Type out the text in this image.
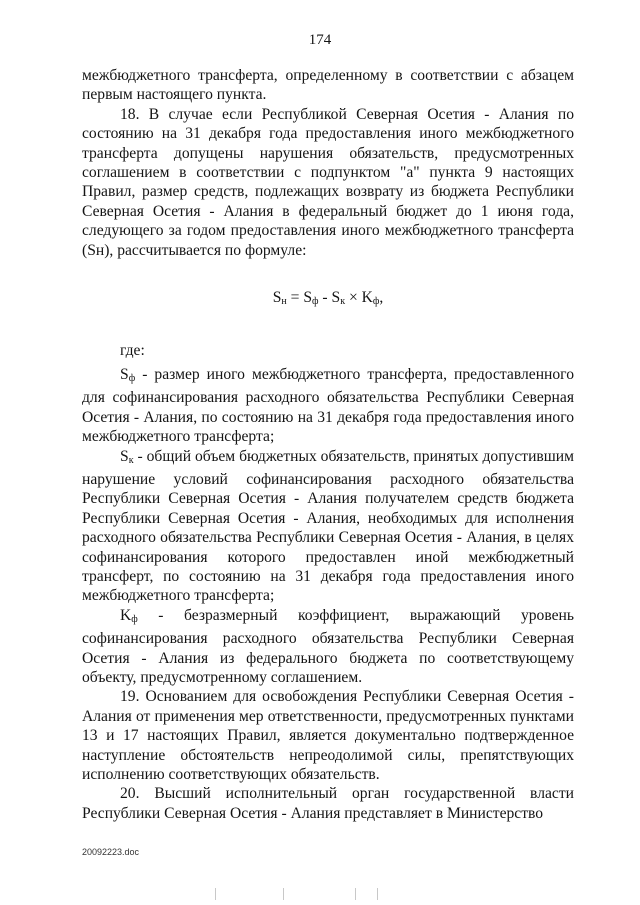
174

межбюджетного трансферта, определенному в соответствии с абзацем первым настоящего пункта.

18. В случае если Республикой Северная Осетия - Алания по состоянию на 31 декабря года предоставления иного межбюджетного трансферта допущены нарушения обязательств, предусмотренных соглашением в соответствии с подпунктом "а" пункта 9 настоящих Правил, размер средств, подлежащих возврату из бюджета Республики Северная Осетия - Алания в федеральный бюджет до 1 июня года, следующего за годом предоставления иного межбюджетного трансферта (Sн), рассчитывается по формуле:

$S_н = S_ф - S_к \times K_ф$,

где:

$S_ф$ - размер иного межбюджетного трансферта, предоставленного для софинансирования расходного обязательства Республики Северная Осетия - Алания, по состоянию на 31 декабря года предоставления иного межбюджетного трансферта;

$S_к$ - общий объем бюджетных обязательств, принятых допустившим нарушение условий софинансирования расходного обязательства Республики Северная Осетия - Алания получателем средств бюджета Республики Северная Осетия - Алания, необходимых для исполнения расходного обязательства Республики Северная Осетия - Алания, в целях софинансирования которого предоставлен иной межбюджетный трансферт, по состоянию на 31 декабря года предоставления иного межбюджетного трансферта;

$K_ф$ - безразмерный коэффициент, выражающий уровень софинансирования расходного обязательства Республики Северная Осетия - Алания из федерального бюджета по соответствующему объекту, предусмотренному соглашением.

19. Основанием для освобождения Республики Северная Осетия - Алания от применения мер ответственности, предусмотренных пунктами 13 и 17 настоящих Правил, является документально подтвержденное наступление обстоятельств непреодолимой силы, препятствующих исполнению соответствующих обязательств.

20. Высший исполнительный орган государственной власти Республики Северная Осетия - Алания представляет в Министерство

20092223.doc
